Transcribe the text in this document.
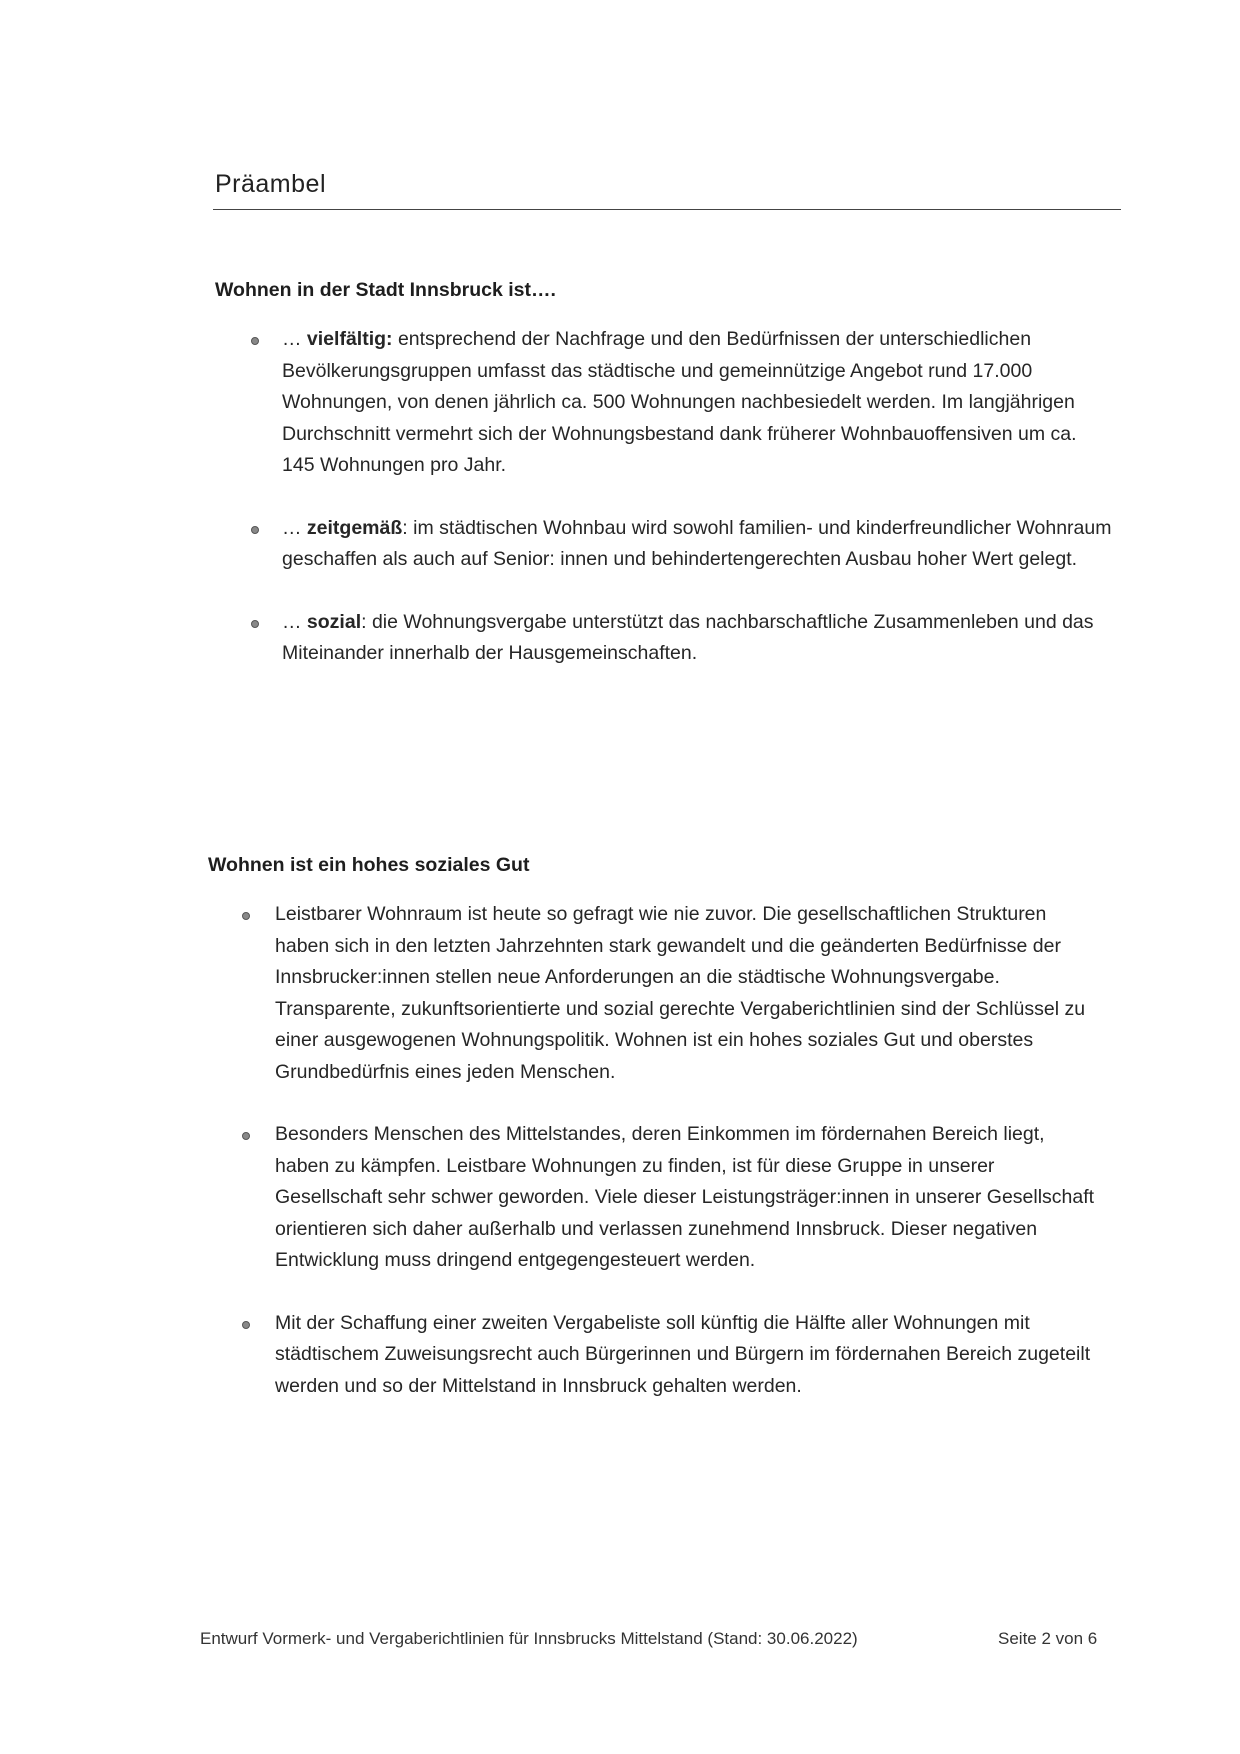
Präambel
Wohnen in der Stadt Innsbruck ist….
… vielfältig: entsprechend der Nachfrage und den Bedürfnissen der unterschiedlichen Bevölkerungsgruppen umfasst das städtische und gemeinnützige Angebot rund 17.000 Wohnungen, von denen jährlich ca. 500 Wohnungen nachbesiedelt werden. Im langjährigen Durchschnitt vermehrt sich der Wohnungsbestand dank früherer Wohnbauoffensiven um ca. 145 Wohnungen pro Jahr.
… zeitgemäß: im städtischen Wohnbau wird sowohl familien- und kinderfreundlicher Wohnraum geschaffen als auch auf Senior: innen und behindertengerechten Ausbau hoher Wert gelegt.
… sozial: die Wohnungsvergabe unterstützt das nachbarschaftliche Zusammenleben und das Miteinander innerhalb der Hausgemeinschaften.
Wohnen ist ein hohes soziales Gut
Leistbarer Wohnraum ist heute so gefragt wie nie zuvor. Die gesellschaftlichen Strukturen haben sich in den letzten Jahrzehnten stark gewandelt und die geänderten Bedürfnisse der Innsbrucker:innen stellen neue Anforderungen an die städtische Wohnungsvergabe. Transparente, zukunftsorientierte und sozial gerechte Vergaberichtlinien sind der Schlüssel zu einer ausgewogenen Wohnungspolitik. Wohnen ist ein hohes soziales Gut und oberstes Grundbedürfnis eines jeden Menschen.
Besonders Menschen des Mittelstandes, deren Einkommen im fördernahen Bereich liegt, haben zu kämpfen. Leistbare Wohnungen zu finden, ist für diese Gruppe in unserer Gesellschaft sehr schwer geworden. Viele dieser Leistungsträger:innen in unserer Gesellschaft orientieren sich daher außerhalb und verlassen zunehmend Innsbruck. Dieser negativen Entwicklung muss dringend entgegengesteuert werden.
Mit der Schaffung einer zweiten Vergabeliste soll künftig die Hälfte aller Wohnungen mit städtischem Zuweisungsrecht auch Bürgerinnen und Bürgern im fördernahen Bereich zugeteilt werden und so der Mittelstand in Innsbruck gehalten werden.
Entwurf Vormerk- und Vergaberichtlinien für Innsbrucks Mittelstand (Stand: 30.06.2022)	Seite 2 von 6
